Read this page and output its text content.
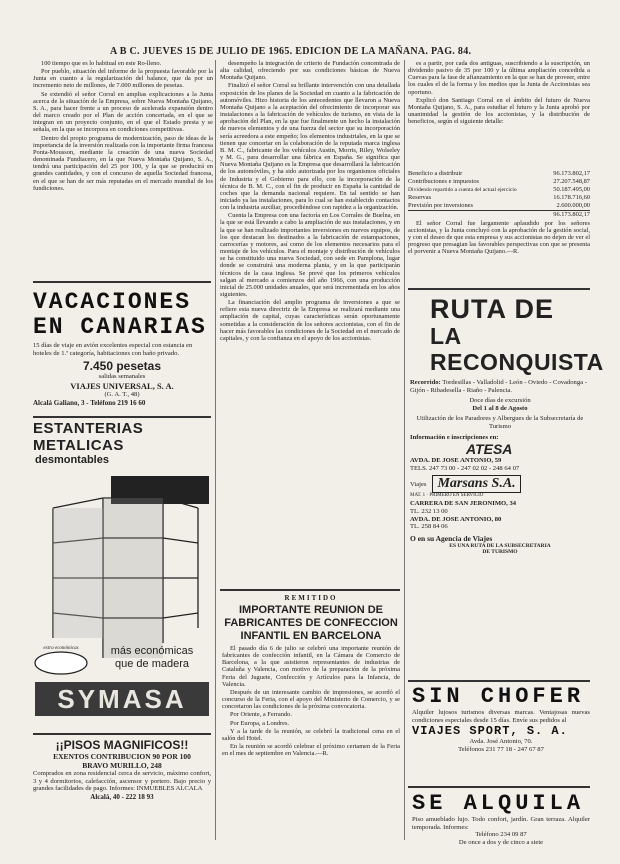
A B C. JUEVES 15 DE JULIO DE 1965. EDICION DE LA MAÑANA. PAG. 84.

100 tiempo que es lo habitual en este Ro-lleno.

Por pueblo, situación del informe de la propuesta favorable por la Junta en cuanto a la regularización del balance, que da por un incremento neto de millones, de 7.000 millones de pesetas.

Se extendió el señor Corral en amplias explicaciones a la Junta acerca de la situación de la Empresa, sobre Nueva Montaña Quijano, S. A., para hacer frente a un proceso de acelerada expansión dentro del marco creado por el Plan de acción concertada, en el que se integran en un proyecto conjunto, en el que el Estado presta y se señala, en la que se incorpora en condiciones competitivas.

Dentro del propio programa de modernización, paso de ideas de la importancia de la inversión realizada con la importante firma francesa Ponta-Mousson, mediante la creación de una nueva Sociedad denominada Fundiacero, en la que Nueva Montaña Quijano, S. A., tendrá una participación del 25 por 100, y la que se producirá en grandes cantidades, y con el concurso de aquella Sociedad francesa, en el que se han de ser más reputadas en el mercado mundial de los fundiciones.

VACACIONES
EN CANARIAS
15 días de viaje en avión excelentes especial con estancia en hoteles de 1.ª categoría, habitaciones con baño privado.
7.450 pesetas
salidas semanales
VIAJES UNIVERSAL, S. A.
(G. A. T., 48)
Alcalá Galiano, 3 - Teléfono 219 16 60
ESTANTERIAS METALICAS
desmontables	KIMER
extra económicas	más económicas
que de madera
SYMASA
¡¡PISOS MAGNIFICOS!!
EXENTOS CONTRIBUCION 90 POR 100
BRAVO MURILLO, 248
Comprados en zona residencial cerca de servicio, máximo confort, 3 y 4 dormitorios, calefacción, ascensor y portero. Bajo precio y grandes facilidades de pago. Informes: INMUEBLES ALCALA
Alcalá, 40 - 222 18 93

desempeño la integración de criterio de Fundación concentrada de alta calidad, ofreciendo por sus condiciones básicas de Nueva Montaña Quijano.

Finalizó el señor Corral su brillante intervención con una detallada exposición de los planes de la Sociedad en cuanto a la fabricación de automóviles. Hizo historia de los antecedentes que llevaron a Nueva Montaña Quijano a la aceptación del ofrecimiento de incorporar sus instalaciones a la fabricación de vehículos de turismo, en vista de la aprobación del Plan, en la que fue finalmente un hecho la instalación de nuevos elementos y de una fuerza del sector que su incorporación sería acreedora a este empeño; los elementos industriales, en la que se tienen que concertar en la colaboración de la reputada marca inglesa B. M. C., fabricante de los vehículos Austin, Morris, Riley, Wolseley y M. G., para desarrollar una fábrica en España. Se significa que Nueva Montaña Quijano es la Empresa que desarrollará la fabricación de los automóviles, y ha sido autorizada por los organismos oficiales de Industria y el Gobierno para ello, con la incorporación de la técnica de B. M. C., con el fin de producir en España la cantidad de coches que la demanda nacional requiere. En tal sentido se han iniciado ya las instalaciones, para lo cual se han establecido contactos con la industria auxiliar, procediéndose con rapidez a la organización.

Cuenta la Empresa con una factoría en Los Corrales de Buelna, en la que se está llevando a cabo la ampliación de sus instalaciones, y en la que se han realizado importantes inversiones en nuevos equipos, de los que destacan los destinados a la fabricación de estampaciones, carrocerías y motores, así como de los elementos necesarios para el montaje de los vehículos. Para el montaje y distribución de vehículos se ha constituido una nueva Sociedad, con sede en Pamplona, lugar donde se construirá una moderna planta, y en la que participarán técnicos de la casa inglesa. Se prevé que los primeros vehículos salgan al mercado a comienzos del año 1966, con una producción inicial de 25.000 unidades anuales, que será incrementada en los años siguientes.

La financiación del amplio programa de inversiones a que se refiere esta nueva directriz de la Empresa se realizará mediante una ampliación de capital, cuyas características serán oportunamente sometidas a la consideración de los señores accionistas, con el fin de hacer más favorables las condiciones de la Sociedad en el mercado de capitales, y con la confianza en el apoyo de los accionistas.

REMITIDO
IMPORTANTE REUNION DE FABRICANTES DE CONFECCION INFANTIL EN BARCELONA

El pasado día 6 de julio se celebró una importante reunión de fabricantes de confección infantil, en la Cámara de Comercio de Barcelona, a la que asistieron representantes de industrias de Cataluña y Valencia, con motivo de la preparación de la próxima Feria del Juguete, Confección y Artículos para la Infancia, de Valencia.

Después de un interesante cambio de impresiones, se acordó el concurso de la Feria, con el apoyo del Ministerio de Comercio, y se concretaron las condiciones de la próxima convocatoria.

Por Oriente, a Ferrando.

Por Europa, a Londres.

Y a la tarde de la reunión, se celebró la tradicional cena en el salón del Hotel.

En la reunión se acordó celebrar el próximo certamen de la Feria en el mes de septiembre en Valencia.—R.

es a partir, por cada dos antiguas, suscribiendo a la suscripción, un dividendo pasivo de 35 por 100 y la última ampliación concedida a Cuevas para la fase de afianzamiento en la que se han de proveer, entre los cuales el de la forma y los medios que la Junta de Accionistas sea oportuno.

Explicó don Santiago Corral en el ámbito del futuro de Nueva Montaña Quijano, S. A., para estudiar el futuro y la Junta aprobó por unanimidad la gestión de los accionistas, y la distribución de beneficios, según el siguiente detalle:

Beneficio a distribuir	96.173.802,17
Contribuciones e impuestos	27.207.548,87
Dividendo repartido a cuenta del actual ejercicio	50.187.495,00
Reservas	16.178.716,60
Previsión por inversiones	2.600.000,00
96.173.802,17
El señor Corral fue largamente aplaudido por los señores accionistas, y la Junta concluyó con la aprobación de la gestión social, y con el deseo de que esta empresa y sus accionistas no dejen de ver el progreso que presagian las favorables perspectivas con que se presenta el porvenir a Nueva Montaña Quijano.—R.
RUTA DE
LA RECONQUISTA
Recorrido: Tordesillas - Valladolid - León - Oviedo - Covadonga - Gijón - Ribadesella - Riaño - Palencia.
Doce días de excursión
Del 1 al 8 de Agosto
Utilización de los Paradores y Albergues de la Subsecretaría de Turismo
Información e inscripciones en:
ATESA
AVDA. DE JOSE ANTONIO, 59
TELS. 247 73 00 - 247 02 02 - 248 64 07
Viajes Marsans S.A.
MAT. 1 · PRIMERO EN SERVICIO
CARRERA DE SAN JERONIMO, 34
TL. 232 13 00
AVDA. DE JOSE ANTONIO, 80
TL. 258 84 06
O en su Agencia de Viajes
ES UNA RUTA DE LA SUBSECRETARIA
DE TURISMO
SIN CHOFER
Alquiler lujosos turismos diversas marcas. Ventajosas nuevas condiciones especiales desde 15 días. Envíe sus pedidos al
VIAJES SPORT, S. A.
Avda. José Antonio, 70.
Teléfonos 231 77 18 - 247 67 87
SE ALQUILA
Piso amueblado lujo. Todo confort, jardín. Gran terraza. Alquiler temporada. Informes:
Teléfono 234 09 87
De once a dos y de cinco a siete
